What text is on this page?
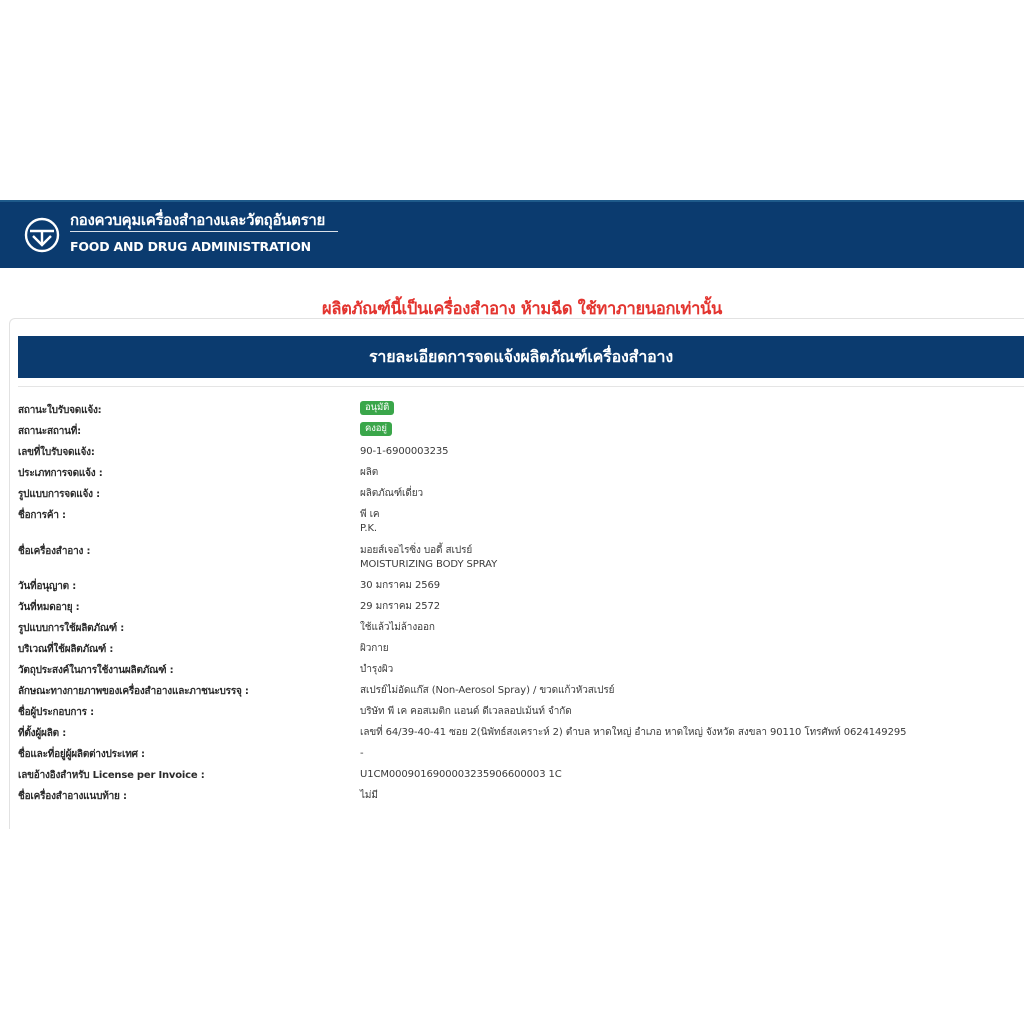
กองควบคุมเครื่องสำอางและวัตถุอันตราย
FOOD AND DRUG ADMINISTRATION
ผลิตภัณฑ์นี้เป็นเครื่องสำอาง ห้ามฉีด ใช้ทาภายนอกเท่านั้น
รายละเอียดการจดแจ้งผลิตภัณฑ์เครื่องสำอาง
สถานะใบรับจดแจ้ง:	อนุมัติ
สถานะสถานที่:	คงอยู่
เลขที่ใบรับจดแจ้ง:	90-1-6900003235
ประเภทการจดแจ้ง :	ผลิต
รูปแบบการจดแจ้ง :	ผลิตภัณฑ์เดี่ยว
ชื่อการค้า :	พี เค
P.K.
ชื่อเครื่องสำอาง :	มอยส์เจอไรซิ่ง บอดี้ สเปรย์
MOISTURIZING BODY SPRAY
วันที่อนุญาต :	30 มกราคม 2569
วันที่หมดอายุ :	29 มกราคม 2572
รูปแบบการใช้ผลิตภัณฑ์ :	ใช้แล้วไม่ล้างออก
บริเวณที่ใช้ผลิตภัณฑ์ :	ผิวกาย
วัตถุประสงค์ในการใช้งานผลิตภัณฑ์ :	บำรุงผิว
ลักษณะทางกายภาพของเครื่องสำอางและภาชนะบรรจุ :	สเปรย์ไม่อัดแก๊ส (Non-Aerosol Spray) / ขวดแก้วหัวสเปรย์
ชื่อผู้ประกอบการ :	บริษัท พี เค คอสเมติก แอนด์ ดีเวลลอปเม้นท์ จำกัด
ที่ตั้งผู้ผลิต :	เลขที่ 64/39-40-41 ซอย 2(นิพัทธ์สงเคราะห์ 2) ตำบล หาดใหญ่ อำเภอ หาดใหญ่ จังหวัด สงขลา 90110 โทรศัพท์ 0624149295
ชื่อและที่อยู่ผู้ผลิตต่างประเทศ :	-
เลขอ้างอิงสำหรับ License per Invoice :	U1CM0009016900003235906600003 1C
ชื่อเครื่องสำอางแนบท้าย :	ไม่มี
